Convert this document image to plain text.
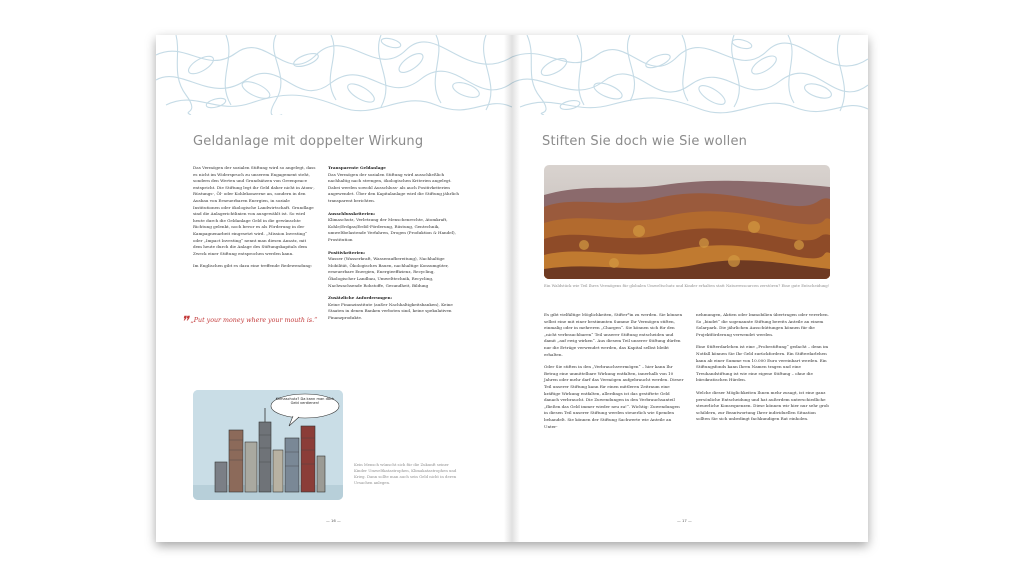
Geldanlage mit doppelter Wirkung

Das Vermögen der sozialen Stiftung wird so angelegt, dass es nicht im Widerspruch zu unserem Engagement steht, sondern den Werten und Grundsätzen von Greenpeace entspricht. Die Stiftung legt ihr Geld daher nicht in Atom-, Rüstungs-, Öl- oder Kohlekonzerne an, sondern in den Ausbau von Erneuerbaren Energien, in soziale Institutionen oder ökologische Landwirtschaft. Grundlage sind die Anlagerichtlinien von ausgewählt ist. So wird heute durch die Geldanlage Geld in die gewünschte Richtung gelenkt, noch bevor es als Förderung in der Kampagnenarbeit eingesetzt wird. „Mission Investing“ oder „Impact Investing“ nennt man diesen Ansatz, mit dem heute durch die Anlage des Stiftungskapitals dem Zweck einer Stiftung entsprochen werden kann.

Im Englischen gibt es dazu eine treffende Redewendung:

❞ „Put your money where your mouth is.“

Transparente Geldanlage

Das Vermögen der sozialen Stiftung wird ausschließlich nachhaltig nach strengen, ökologischen Kriterien angelegt. Dabei werden sowohl Ausschluss- als auch Positivkriterien angewendet. Über den Kapitalanlage wird die Stiftung jährlich transparent berichten.

Ausschlusskriterien:

Klimaschutz, Verletzung der Menschenrechte, Atomkraft, Kohle/Erdgas/Erdöl-Förderung, Rüstung, Gentechnik, umweltbelastende Verfahren, Drogen (Produktion & Handel), Prostitution

Positivkriterien:

Wasser (Wasserkraft, Wasseraufbereitung), Nachhaltige Mobilität, Ökologisches Bauen, nachhaltige Konsumgüter, erneuerbare Energien, Energieeffizienz, Recycling, Ökologischer Landbau, Umwelttechnik, Recycling, Nachwachsende Rohstoffe, Gesundheit, Bildung

Zusätzliche Anforderungen:

Keine Finanzinstitute (außer Nachhaltigkeitsbanken), Keine Staaten in denen Banken verboten sind, keine spekulativen Finanzprodukte.

Klimaschutz? Da kann man doch Geld verdienen!
Kein Mensch wünscht sich für die Zukunft seiner Kinder Umweltkatastrophen, Klimakatastrophen und Krieg. Dann sollte man auch sein Geld nicht in deren Ursachen anlegen.
— 16 —
Stiften Sie doch wie Sie wollen
Ein Waldstück wie Teil Ihres Vermögens für globalen Umweltschutz und Kinder erhalten statt Naturressourcen zerstören? Eine gute Entscheidung!

Es gibt vielfältige Möglichkeiten, Stifter*in zu werden. Sie können selbst eine mit einer bestimmten Summe Ihr Vermögen stiften, einmalig oder in mehreren „Chargen“. Sie können sich für den „nicht verbrauchbaren“ Teil unserer Stiftung entscheiden und damit „auf ewig wirken“. Aus diesem Teil unserer Stiftung dürfen nur die Erträge verwendet werden, das Kapital selbst bleibt erhalten.

Oder Sie stiften in den „Verbrauchsvermögen“ – hier kann Ihr Betrag eine unmittelbare Wirkung entfalten, innerhalb von 10 Jahren oder mehr darf das Vermögen aufgebraucht werden. Dieser Teil unserer Stiftung kann für einen mittleren Zeitraum eine kräftige Wirkung entfalten, allerdings ist das gestiftete Geld danach verbraucht. Die Zuwendungen in den Verbrauchsanteil „fließen das Geld immer wieder neu zu!“. Wichtig: Zuwendungen in diesen Teil unserer Stiftung werden steuerlich wie Spenden behandelt. Sie können der Stiftung Sachwerte wie Anteile an Unter-

nehmungen, Aktien oder Immobilien übertragen oder vererben. So „bindet“ die sogenannte Stiftung bereits Anteile an einem Solarpark. Die jährlichen Ausschüttungen können für die Projektförderung verwendet werden.

Eine Stifterdarlehen ist eine „Probestiftung“ gedacht – denn im Notfall können Sie Ihr Geld zurückfordern. Ein Stifterdarlehen kann ab einer Summe von 10.000 Euro vereinbart werden. Ein Stiftungsfonds kann Ihren Namen tragen und eine Treuhandstiftung ist wie eine eigene Stiftung – ohne die bürokratischen Hürden.

Welche dieser Möglichkeiten Ihnen mehr zusagt, ist eine ganz persönliche Entscheidung und hat außerdem unterschiedliche steuerliche Konsequenzen. Diese können wir hier nur sehr grob schildern, zur Beantwortung Ihrer individuellen Situation sollten Sie sich unbedingt fachkundigen Rat einholen.

— 17 —
